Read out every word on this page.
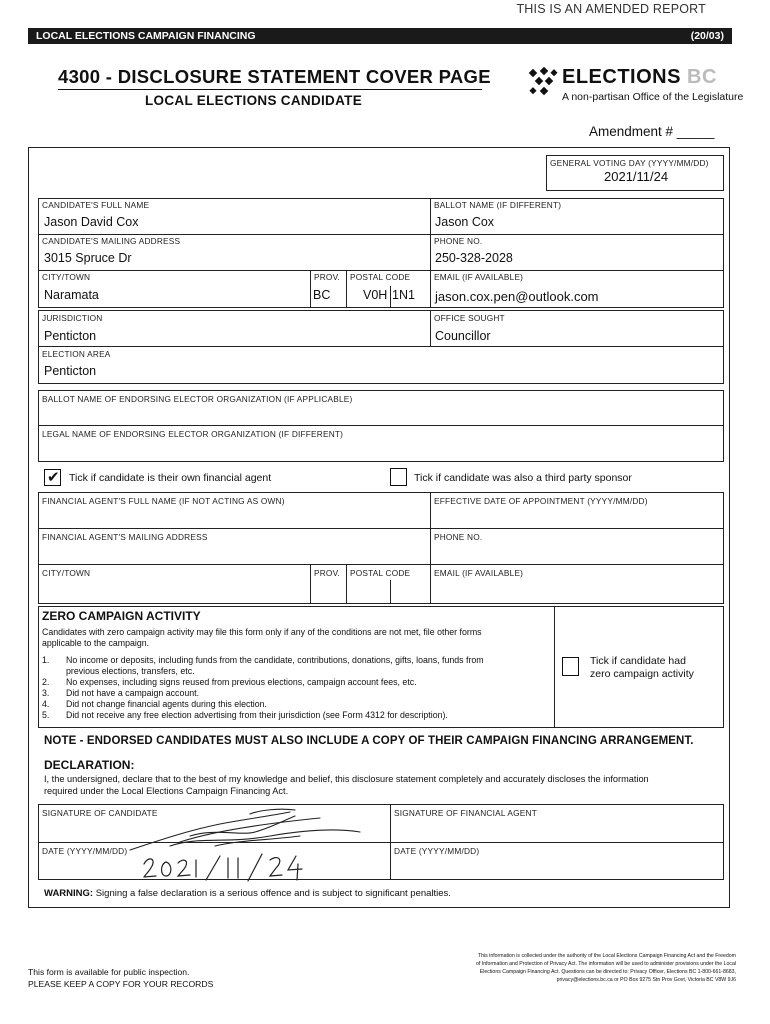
THIS IS AN AMENDED REPORT
LOCAL ELECTIONS CAMPAIGN FINANCING	(20/03)
4300 - DISCLOSURE STATEMENT COVER PAGE
LOCAL ELECTIONS CANDIDATE
ELECTIONS BC
A non-partisan Office of the Legislature
Amendment # _____
GENERAL VOTING DAY (YYYY/MM/DD)
2021/11/24
CANDIDATE'S FULL NAME
Jason David Cox
BALLOT NAME (IF DIFFERENT)
Jason Cox
CANDIDATE'S MAILING ADDRESS
3015 Spruce Dr
PHONE NO.
250-328-2028
CITY/TOWN
Naramata
PROV.
BC
POSTAL CODE
V0H 1N1
EMAIL (IF AVAILABLE)
jason.cox.pen@outlook.com
JURISDICTION
Penticton
OFFICE SOUGHT
Councillor
ELECTION AREA
Penticton
BALLOT NAME OF ENDORSING ELECTOR ORGANIZATION (IF APPLICABLE)
LEGAL NAME OF ENDORSING ELECTOR ORGANIZATION (IF DIFFERENT)
✔ Tick if candidate is their own financial agent	Tick if candidate was also a third party sponsor
FINANCIAL AGENT'S FULL NAME (IF NOT ACTING AS OWN)	EFFECTIVE DATE OF APPOINTMENT (YYYY/MM/DD)
FINANCIAL AGENT'S MAILING ADDRESS	PHONE NO.
CITY/TOWN	PROV. POSTAL CODE	EMAIL (IF AVAILABLE)
ZERO CAMPAIGN ACTIVITY
Candidates with zero campaign activity may file this form only if any of the conditions are not met, file other forms
applicable to the campaign.
1. No income or deposits, including funds from the candidate, contributions, donations, gifts, loans, funds from
previous elections, transfers, etc.
2. No expenses, including signs reused from previous elections, campaign account fees, etc.
3. Did not have a campaign account.
4. Did not change financial agents during this election.
5. Did not receive any free election advertising from their jurisdiction (see Form 4312 for description).
Tick if candidate had
zero campaign activity
NOTE - ENDORSED CANDIDATES MUST ALSO INCLUDE A COPY OF THEIR CAMPAIGN FINANCING ARRANGEMENT.
DECLARATION:
I, the undersigned, declare that to the best of my knowledge and belief, this disclosure statement completely and accurately discloses the information
required under the Local Elections Campaign Financing Act.
SIGNATURE OF CANDIDATE	SIGNATURE OF FINANCIAL AGENT
DATE (YYYY/MM/DD)	DATE (YYYY/MM/DD)
WARNING: Signing a false declaration is a serious offence and is subject to significant penalties.
This form is available for public inspection.
PLEASE KEEP A COPY FOR YOUR RECORDS
This information is collected under the authority of the Local Elections Campaign Financing Act and the Freedom
of Information and Protection of Privacy Act. The information will be used to administer provisions under the Local
Elections Campaign Financing Act. Questions can be directed to: Privacy Officer, Elections BC 1-800-661-8683,
privacy@elections.bc.ca or PO Box 9275 Stn Prov Govt, Victoria BC V8W 9J6
